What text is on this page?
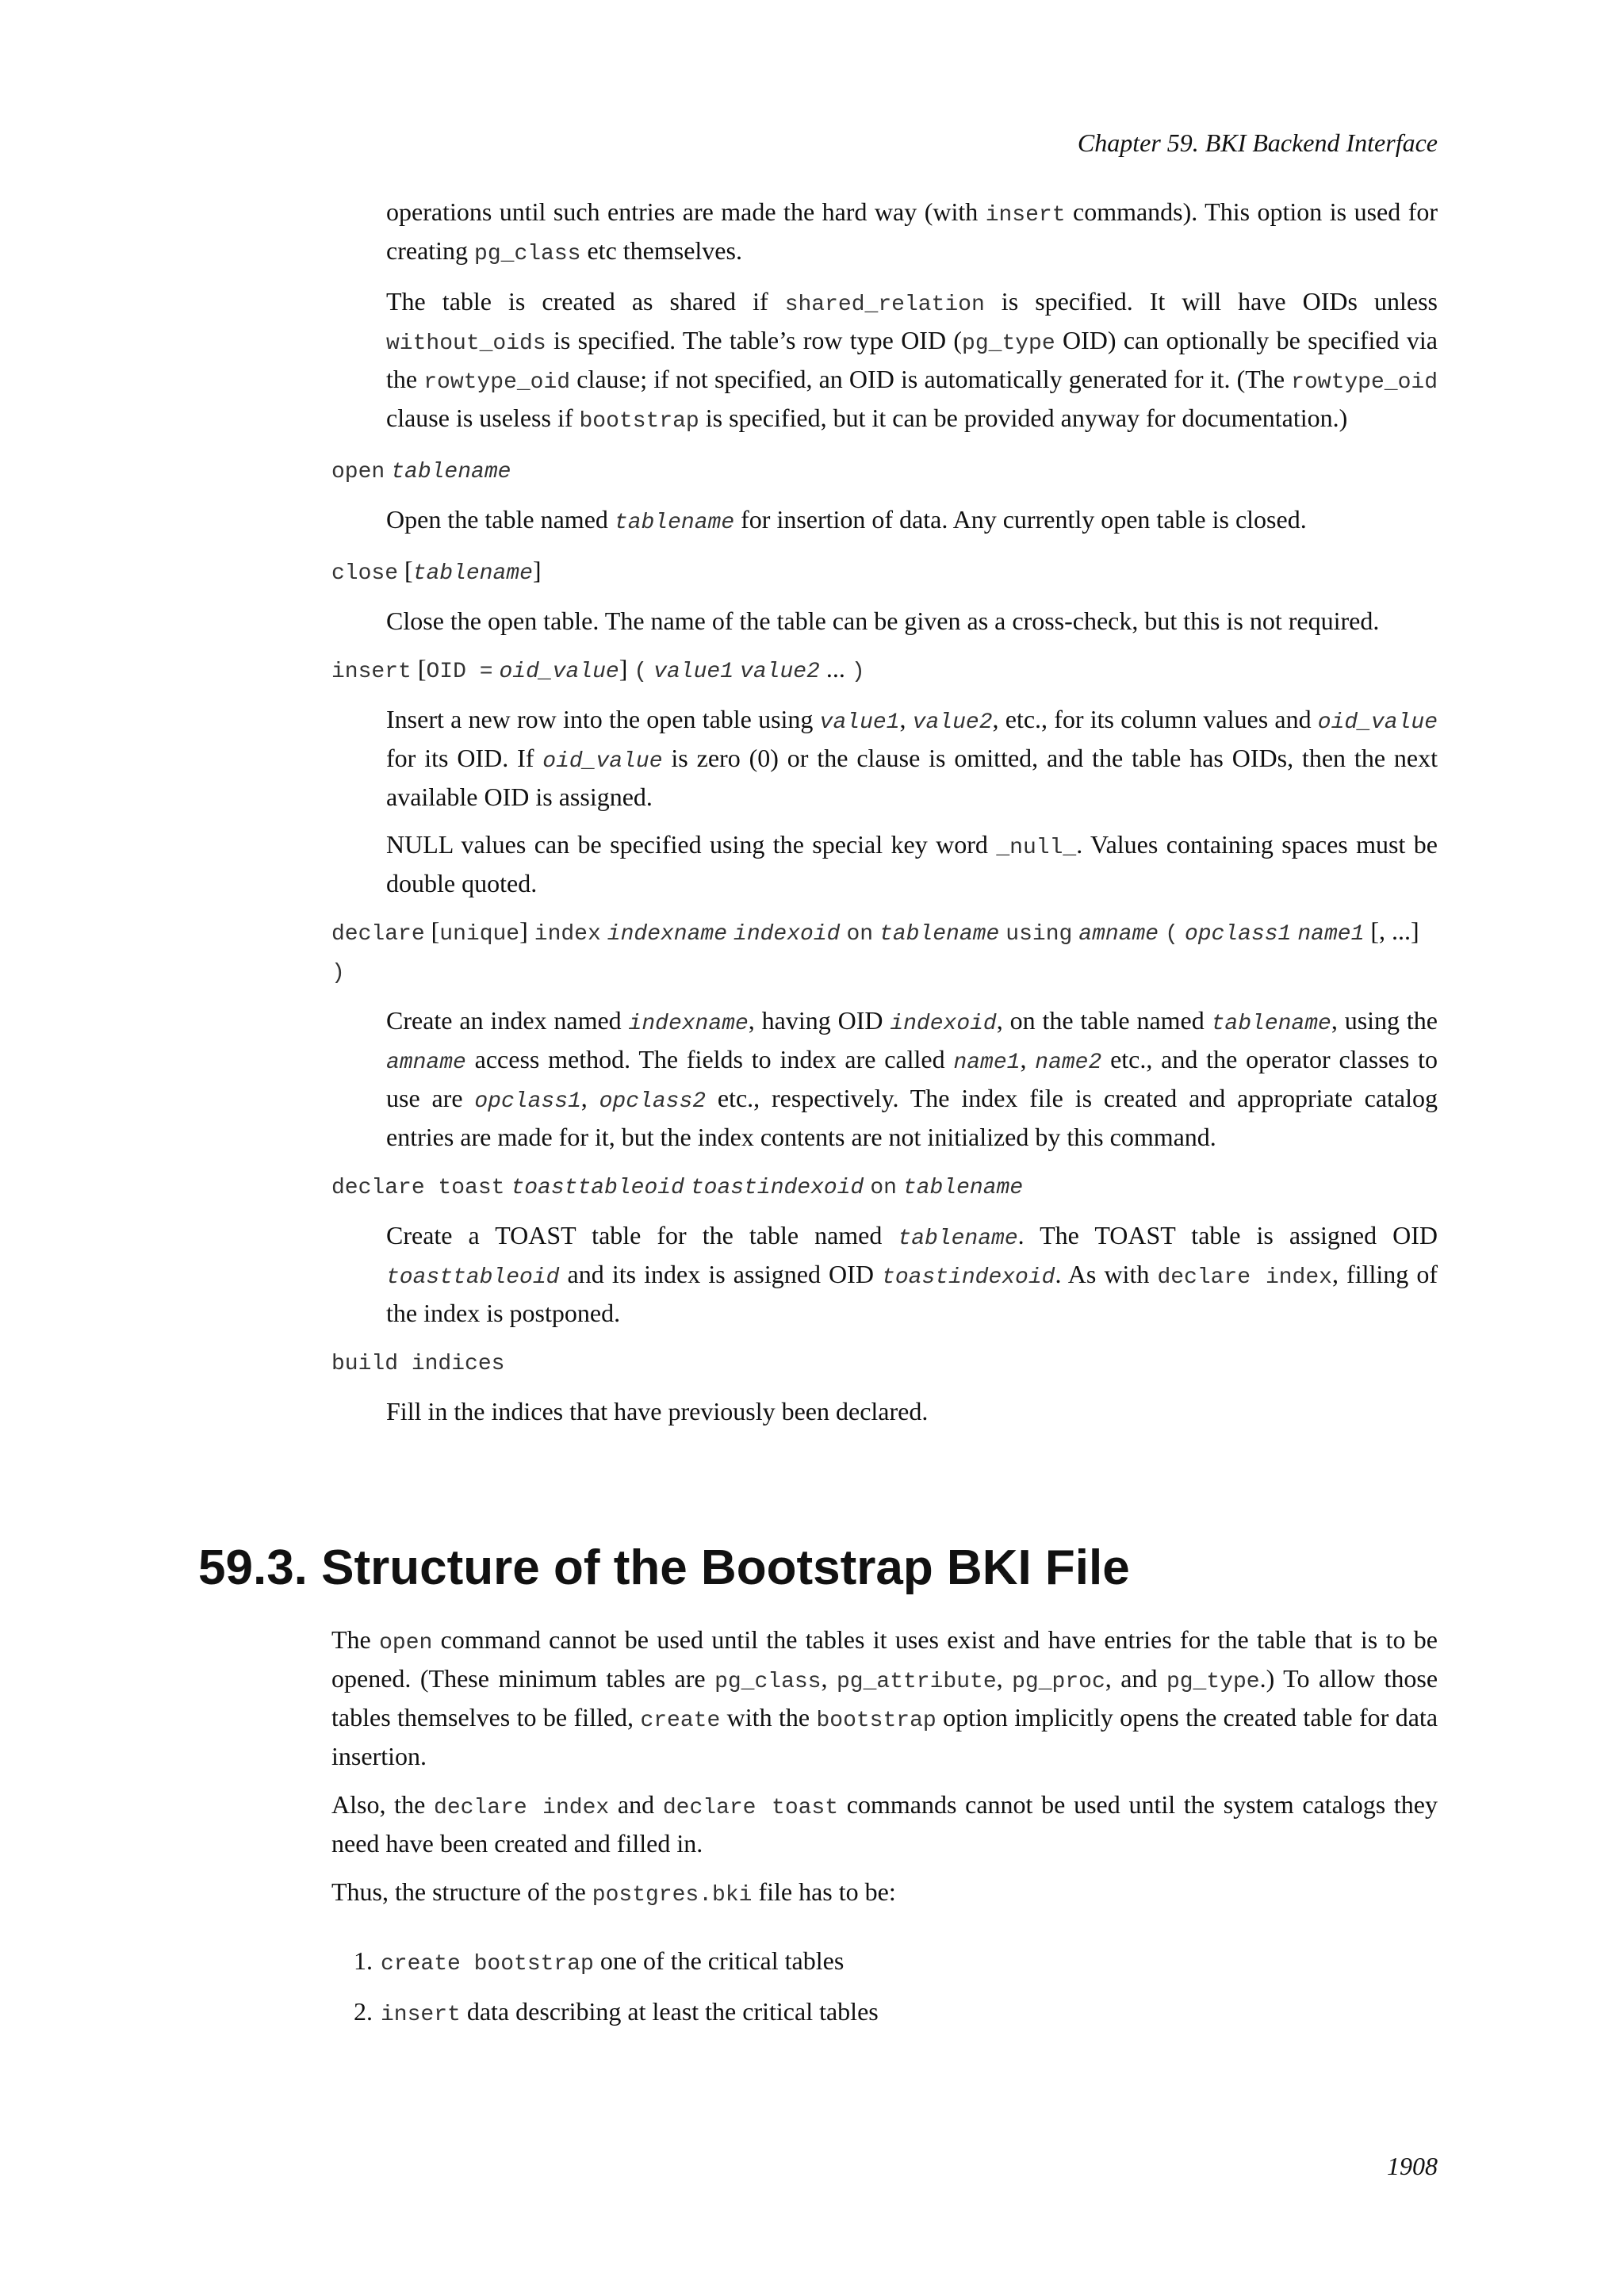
Chapter 59. BKI Backend Interface

operations until such entries are made the hard way (with insert commands). This option is used for creating pg_class etc themselves.

The table is created as shared if shared_relation is specified. It will have OIDs unless without_oids is specified. The table’s row type OID (pg_type OID) can optionally be specified via the rowtype_oid clause; if not specified, an OID is automatically generated for it. (The rowtype_oid clause is useless if bootstrap is specified, but it can be provided anyway for documentation.)

open tablename

Open the table named tablename for insertion of data. Any currently open table is closed.

close [tablename]

Close the open table. The name of the table can be given as a cross-check, but this is not required.

insert [OID = oid_value] ( value1 value2 ... )

Insert a new row into the open table using value1, value2, etc., for its column values and oid_value for its OID. If oid_value is zero (0) or the clause is omitted, and the table has OIDs, then the next available OID is assigned.

NULL values can be specified using the special key word _null_. Values containing spaces must be double quoted.

declare [unique] index indexname indexoid on tablename using amname ( opclass1 name1 [, ...] )

Create an index named indexname, having OID indexoid, on the table named tablename, using the amname access method. The fields to index are called name1, name2 etc., and the operator classes to use are opclass1, opclass2 etc., respectively. The index file is created and appropriate catalog entries are made for it, but the index contents are not initialized by this command.

declare toast toasttableoid toastindexoid on tablename

Create a TOAST table for the table named tablename. The TOAST table is assigned OID toasttableoid and its index is assigned OID toastindexoid. As with declare index, filling of the index is postponed.

build indices

Fill in the indices that have previously been declared.

59.3. Structure of the Bootstrap BKI File

The open command cannot be used until the tables it uses exist and have entries for the table that is to be opened. (These minimum tables are pg_class, pg_attribute, pg_proc, and pg_type.) To allow those tables themselves to be filled, create with the bootstrap option implicitly opens the created table for data insertion.

Also, the declare index and declare toast commands cannot be used until the system catalogs they need have been created and filled in.

Thus, the structure of the postgres.bki file has to be:

1. create bootstrap one of the critical tables
2. insert data describing at least the critical tables
1908
